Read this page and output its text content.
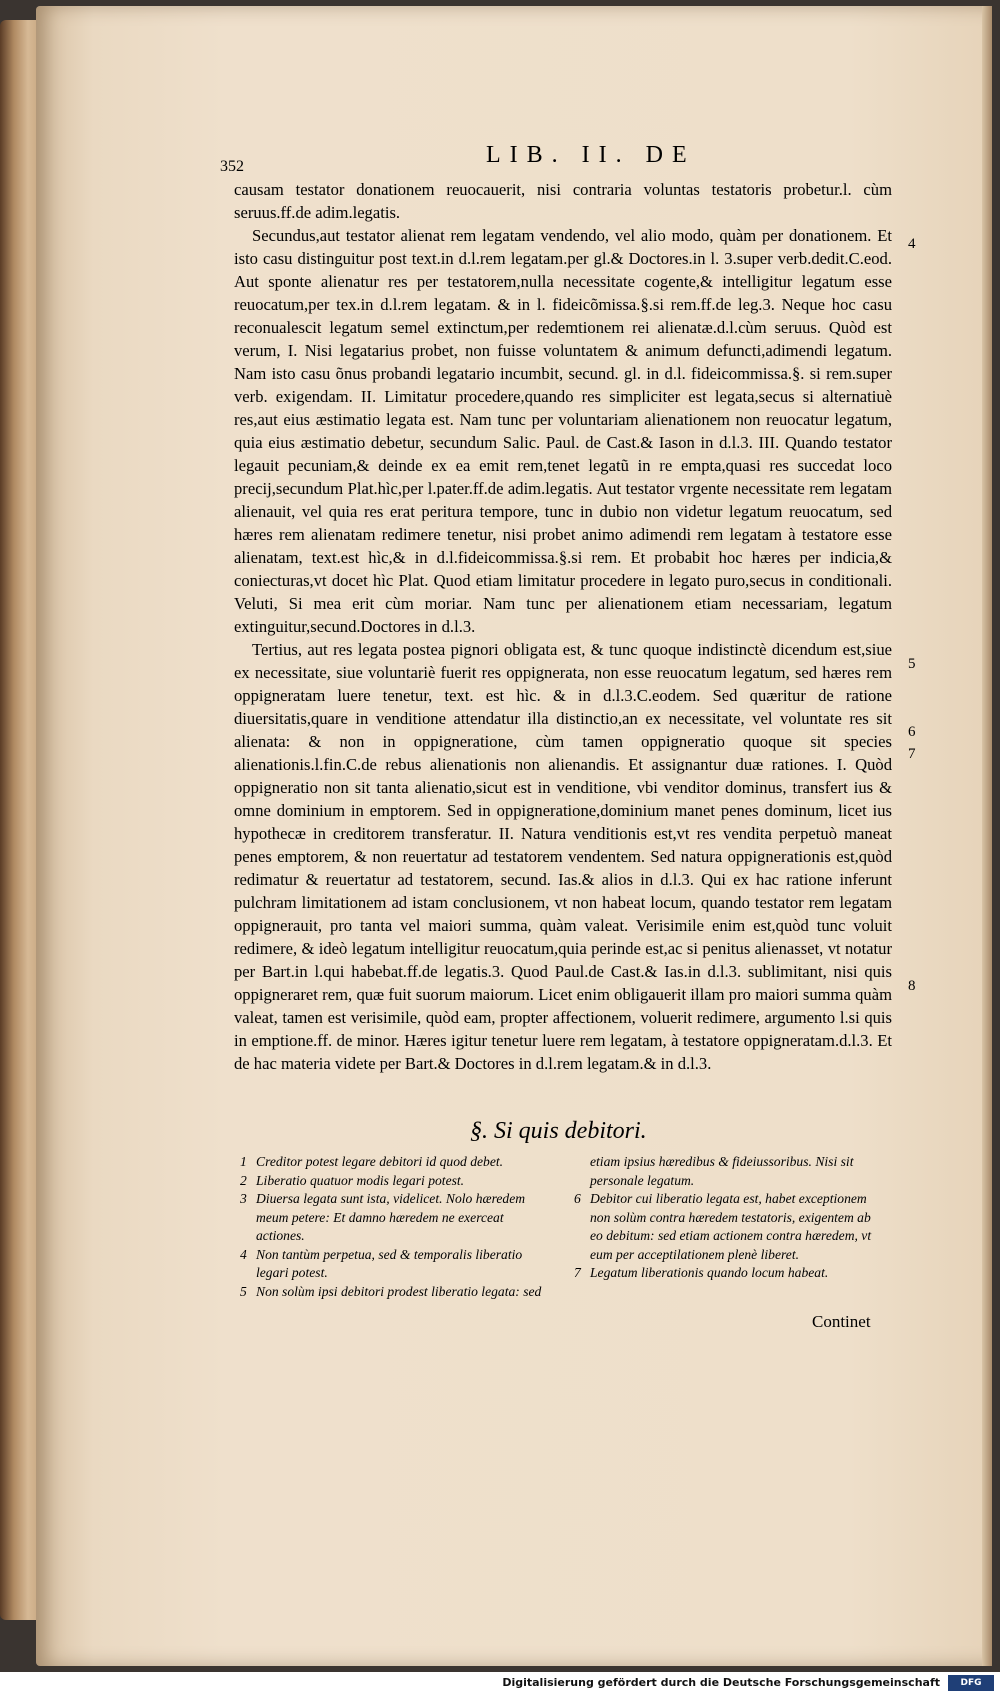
352	LIB. II. DE

causam testator donationem reuocauerit, nisi contraria voluntas testatoris probetur.l. cùm seruus.ff.de adim.legatis.

Secundus,aut testator alienat rem legatam vendendo, vel alio modo, quàm per donationem. Et isto casu distinguitur post text.in d.l.rem legatam.per gl.& Doctores.in l. 3.super verb.dedit.C.eod. Aut sponte alienatur res per testatorem,nulla necessitate cogente,& intelligitur legatum esse reuocatum,per tex.in d.l.rem legatam. & in l. fideicõmissa.§.si rem.ff.de leg.3. Neque hoc casu reconualescit legatum semel extinctum,per redemtionem rei alienatæ.d.l.cùm seruus. Quòd est verum, I. Nisi legatarius probet, non fuisse voluntatem & animum defuncti,adimendi legatum. Nam isto casu õnus probandi legatario incumbit, secund. gl. in d.l. fideicommissa.§. si rem.super verb. exigendam. II. Limitatur procedere,quando res simpliciter est legata,secus si alternatiuè res,aut eius æstimatio legata est. Nam tunc per voluntariam alienationem non reuocatur legatum, quia eius æstimatio debetur, secundum Salic. Paul. de Cast.& Iason in d.l.3. III. Quando testator legauit pecuniam,& deinde ex ea emit rem,tenet legatũ in re empta,quasi res succedat loco precij,secundum Plat.hìc,per l.pater.ff.de adim.legatis. Aut testator vrgente necessitate rem legatam alienauit, vel quia res erat peritura tempore, tunc in dubio non videtur legatum reuocatum, sed hæres rem alienatam redimere tenetur, nisi probet animo adimendi rem legatam à testatore esse alienatam, text.est hìc,& in d.l.fideicommissa.§.si rem. Et probabit hoc hæres per indicia,& coniecturas,vt docet hìc Plat. Quod etiam limitatur procedere in legato puro,secus in conditionali. Veluti, Si mea erit cùm moriar. Nam tunc per alienationem etiam necessariam, legatum extinguitur,secund.Doctores in d.l.3.

Tertius, aut res legata postea pignori obligata est, & tunc quoque indistinctè dicendum est,siue ex necessitate, siue voluntariè fuerit res oppignerata, non esse reuocatum legatum, sed hæres rem oppigneratam luere tenetur, text. est hìc. & in d.l.3.C.eodem. Sed quæritur de ratione diuersitatis,quare in venditione attendatur illa distinctio,an ex necessitate, vel voluntate res sit alienata: & non in oppigneratione, cùm tamen oppigneratio quoque sit species alienationis.l.fin.C.de rebus alienationis non alienandis. Et assignantur duæ rationes. I. Quòd oppigneratio non sit tanta alienatio,sicut est in venditione, vbi venditor dominus, transfert ius & omne dominium in emptorem. Sed in oppigneratione,dominium manet penes dominum, licet ius hypothecæ in creditorem transferatur. II. Natura venditionis est,vt res vendita perpetuò maneat penes emptorem, & non reuertatur ad testatorem vendentem. Sed natura oppignerationis est,quòd redimatur & reuertatur ad testatorem, secund. Ias.& alios in d.l.3. Qui ex hac ratione inferunt pulchram limitationem ad istam conclusionem, vt non habeat locum, quando testator rem legatam oppignerauit, pro tanta vel maiori summa, quàm valeat. Verisimile enim est,quòd tunc voluit redimere, & ideò legatum intelligitur reuocatum,quia perinde est,ac si penitus alienasset, vt notatur per Bart.in l.qui habebat.ff.de legatis.3. Quod Paul.de Cast.& Ias.in d.l.3. sublimitant, nisi quis oppigneraret rem, quæ fuit suorum maiorum. Licet enim obligauerit illam pro maiori summa quàm valeat, tamen est verisimile, quòd eam, propter affectionem, voluerit redimere, argumento l.si quis in emptione.ff. de minor. Hæres igitur tenetur luere rem legatam, à testatore oppigneratam.d.l.3. Et de hac materia videte per Bart.& Doctores in d.l.rem legatam.& in d.l.3.

4
5
6
7
8
§. Si quis debitori.
1 Creditor potest legare debitori id quod debet.
2 Liberatio quatuor modis legari potest.
3 Diuersa legata sunt ista, videlicet. Nolo hæredem meum petere: Et damno hæredem ne exerceat actiones.
4 Non tantùm perpetua, sed & temporalis liberatio legari potest.
5 Non solùm ipsi debitori prodest liberatio legata: sed
etiam ipsius hæredibus & fideiussoribus. Nisi sit personale legatum.
6 Debitor cui liberatio legata est, habet exceptionem non solùm contra hæredem testatoris, exigentem ab eo debitum: sed etiam actionem contra hæredem, vt eum per acceptilationem plenè liberet.
7 Legatum liberationis quando locum habeat.
Continet
Digitalisierung gefördert durch die Deutsche Forschungsgemeinschaft	DFG
